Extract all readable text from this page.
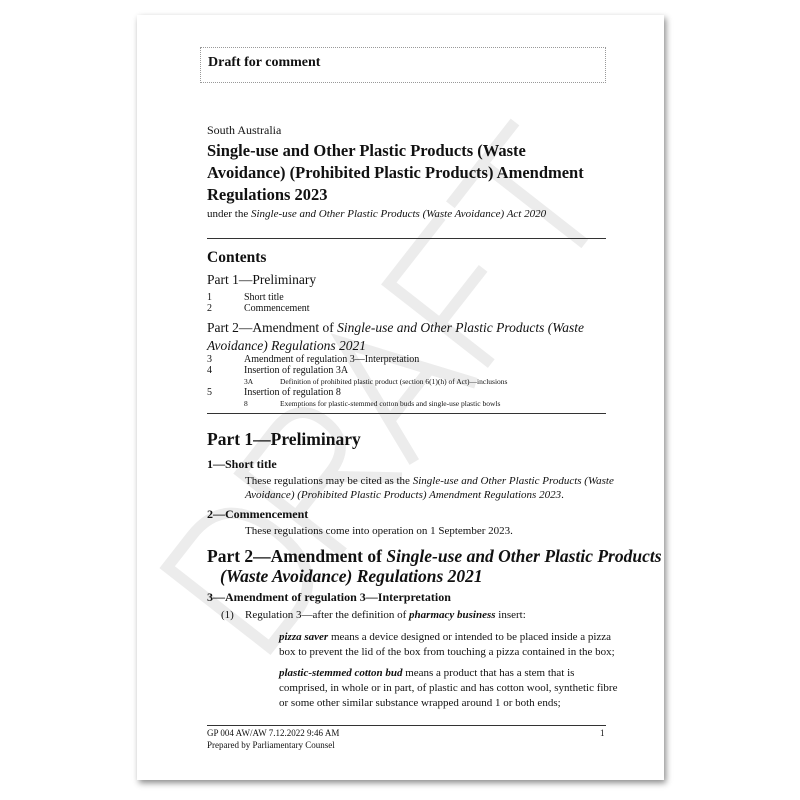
Draft for comment
South Australia
Single-use and Other Plastic Products (Waste
Avoidance) (Prohibited Plastic Products) Amendment
Regulations 2023
under the Single-use and Other Plastic Products (Waste Avoidance) Act 2020
Contents
Part 1—Preliminary
1	Short title
2	Commencement
Part 2—Amendment of Single-use and Other Plastic Products (Waste
Avoidance) Regulations 2021
3	Amendment of regulation 3—Interpretation
4	Insertion of regulation 3A
3A	Definition of prohibited plastic product (section 6(1)(h) of Act)—inclusions
5	Insertion of regulation 8
8	Exemptions for plastic-stemmed cotton buds and single-use plastic bowls
Part 1—Preliminary
1—Short title
These regulations may be cited as the Single-use and Other Plastic Products (Waste
Avoidance) (Prohibited Plastic Products) Amendment Regulations 2023.
2—Commencement
These regulations come into operation on 1 September 2023.
Part 2—Amendment of Single-use and Other Plastic Products
(Waste Avoidance) Regulations 2021
3—Amendment of regulation 3—Interpretation
(1) Regulation 3—after the definition of pharmacy business insert:
pizza saver means a device designed or intended to be placed inside a pizza
box to prevent the lid of the box from touching a pizza contained in the box;
plastic-stemmed cotton bud means a product that has a stem that is
comprised, in whole or in part, of plastic and has cotton wool, synthetic fibre
or some other similar substance wrapped around 1 or both ends;
GP 004 AW/AW 7.12.2022 9:46 AM
Prepared by Parliamentary Counsel
1
